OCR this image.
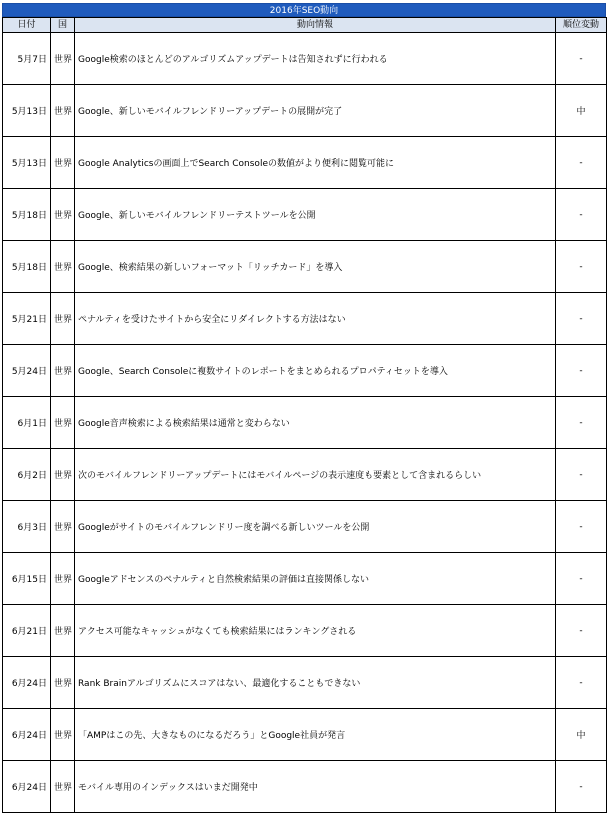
2016年SEO動向
日付	国	動向情報	順位変動
5月7日	世界	Google検索のほとんどのアルゴリズムアップデートは告知されずに行われる	-
5月13日	世界	Google、新しいモバイルフレンドリーアップデートの展開が完了	中
5月13日	世界	Google Analyticsの画面上でSearch Consoleの数値がより便利に閲覧可能に	-
5月18日	世界	Google、新しいモバイルフレンドリーテストツールを公開	-
5月18日	世界	Google、検索結果の新しいフォーマット「リッチカード」を導入	-
5月21日	世界	ペナルティを受けたサイトから安全にリダイレクトする方法はない	-
5月24日	世界	Google、Search Consoleに複数サイトのレポートをまとめられるプロパティセットを導入	-
6月1日	世界	Google音声検索による検索結果は通常と変わらない	-
6月2日	世界	次のモバイルフレンドリーアップデートにはモバイルページの表示速度も要素として含まれるらしい	-
6月3日	世界	Googleがサイトのモバイルフレンドリー度を調べる新しいツールを公開	-
6月15日	世界	Googleアドセンスのペナルティと自然検索結果の評価は直接関係しない	-
6月21日	世界	アクセス可能なキャッシュがなくても検索結果にはランキングされる	-
6月24日	世界	Rank Brainアルゴリズムにスコアはない、最適化することもできない	-
6月24日	世界	「AMPはこの先、大きなものになるだろう」とGoogle社員が発言	中
6月24日	世界	モバイル専用のインデックスはいまだ開発中	-
